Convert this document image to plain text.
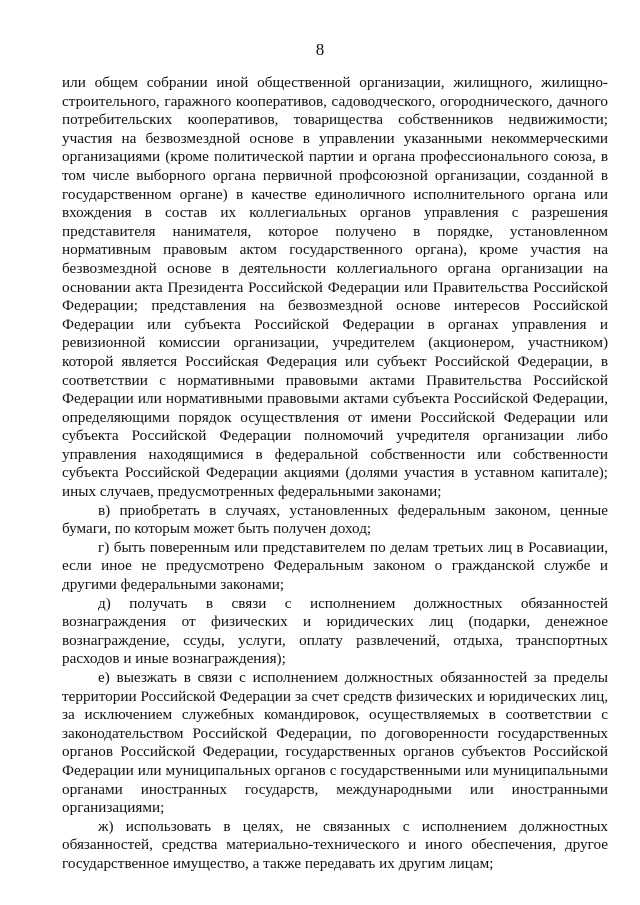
8

или общем собрании иной общественной организации, жилищного, жилищно-строительного, гаражного кооперативов, садоводческого, огороднического, дачного потребительских кооперативов, товарищества собственников недвижимости; участия на безвозмездной основе в управлении указанными некоммерческими организациями (кроме политической партии и органа профессионального союза, в том числе выборного органа первичной профсоюзной организации, созданной в государственном органе) в качестве единоличного исполнительного органа или вхождения в состав их коллегиальных органов управления с разрешения представителя нанимателя, которое получено в порядке, установленном нормативным правовым актом государственного органа), кроме участия на безвозмездной основе в деятельности коллегиального органа организации на основании акта Президента Российской Федерации или Правительства Российской Федерации; представления на безвозмездной основе интересов Российской Федерации или субъекта Российской Федерации в органах управления и ревизионной комиссии организации, учредителем (акционером, участником) которой является Российская Федерация или субъект Российской Федерации, в соответствии с нормативными правовыми актами Правительства Российской Федерации или нормативными правовыми актами субъекта Российской Федерации, определяющими порядок осуществления от имени Российской Федерации или субъекта Российской Федерации полномочий учредителя организации либо управления находящимися в федеральной собственности или собственности субъекта Российской Федерации акциями (долями участия в уставном капитале); иных случаев, предусмотренных федеральными законами;

в) приобретать в случаях, установленных федеральным законом, ценные бумаги, по которым может быть получен доход;

г) быть поверенным или представителем по делам третьих лиц в Росавиации, если иное не предусмотрено Федеральным законом о гражданской службе и другими федеральными законами;

д) получать в связи с исполнением должностных обязанностей вознаграждения от физических и юридических лиц (подарки, денежное вознаграждение, ссуды, услуги, оплату развлечений, отдыха, транспортных расходов и иные вознаграждения);

е) выезжать в связи с исполнением должностных обязанностей за пределы территории Российской Федерации за счет средств физических и юридических лиц, за исключением служебных командировок, осуществляемых в соответствии с законодательством Российской Федерации, по договоренности государственных органов Российской Федерации, государственных органов субъектов Российской Федерации или муниципальных органов с государственными или муниципальными органами иностранных государств, международными или иностранными организациями;

ж) использовать в целях, не связанных с исполнением должностных обязанностей, средства материально-технического и иного обеспечения, другое государственное имущество, а также передавать их другим лицам;
